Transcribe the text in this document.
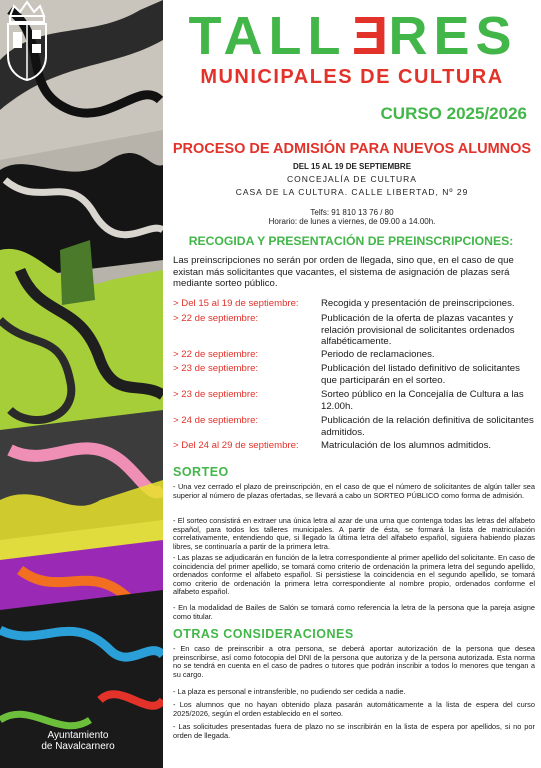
Ayuntamiento
de Navalcarnero
TALLERES
MUNICIPALES DE CULTURA
CURSO 2025/2026
PROCESO DE ADMISIÓN PARA NUEVOS ALUMNOS
DEL 15 AL 19 DE SEPTIEMBRE
CONCEJALÍA DE CULTURA
CASA DE LA CULTURA. CALLE LIBERTAD, Nº 29
Telfs: 91 810 13 76 / 80
Horario: de lunes a viernes, de 09.00 a 14.00h.
RECOGIDA Y PRESENTACIÓN DE PREINSCRIPCIONES:
Las preinscripciones no serán por orden de llegada, sino que, en el caso de que existan más solicitantes que vacantes, el sistema de asignación de plazas será mediante sorteo público.
> Del 15 al 19 de septiembre: Recogida y presentación de preinscripciones.
> 22 de septiembre:	Publicación de la oferta de plazas vacantes y relación provisional de solicitantes ordenados alfabéticamente.
> 22 de septiembre:	Periodo de reclamaciones.
> 23 de septiembre:	Publicación del listado definitivo de solicitantes que participarán en el sorteo.
> 23 de septiembre:	Sorteo público en la Concejalía de Cultura a las 12.00h.
> 24 de septiembre:	Publicación de la relación definitiva de solicitantes admitidos.
> Del 24 al 29 de septiembre: Matriculación de los alumnos admitidos.
SORTEO
- Una vez cerrado el plazo de preinscripción, en el caso de que el número de solicitantes de algún taller sea superior al número de plazas ofertadas, se llevará a cabo un SORTEO PÚBLICO como forma de admisión.
- El sorteo consistirá en extraer una única letra al azar de una urna que contenga todas las letras del alfabeto español, para todos los talleres municipales. A partir de ésta, se formará la lista de matriculación correlativamente, entendiendo que, si llegado la última letra del alfabeto español, siguiera habiendo plazas libres, se continuaría a partir de la primera letra.
- Las plazas se adjudicarán en función de la letra correspondiente al primer apellido del solicitante. En caso de coincidencia del primer apellido, se tomará como criterio de ordenación la primera letra del segundo apellido, ordenados conforme el alfabeto español. Si persistiese la coincidencia en el segundo apellido, se tomará como criterio de ordenación la primera letra correspondiente al nombre propio, ordenados conforme el alfabeto español.
- En la modalidad de Bailes de Salón se tomará como referencia la letra de la persona que la pareja asigne como titular.
OTRAS CONSIDERACIONES
- En caso de preinscribir a otra persona, se deberá aportar autorización de la persona que desea preinscribirse, así como fotocopia del DNI de la persona que autoriza y de la persona autorizada. Esta norma no se tendrá en cuenta en el caso de padres o tutores que podrán inscribir a todos lo menores que tengan a su cargo.
- La plaza es personal e intransferible, no pudiendo ser cedida a nadie.
- Los alumnos que no hayan obtenido plaza pasarán automáticamente a la lista de espera del curso 2025/2026, según el orden establecido en el sorteo.
- Las solicitudes presentadas fuera de plazo no se inscribirán en la lista de espera por apellidos, si no por orden de llegada.
